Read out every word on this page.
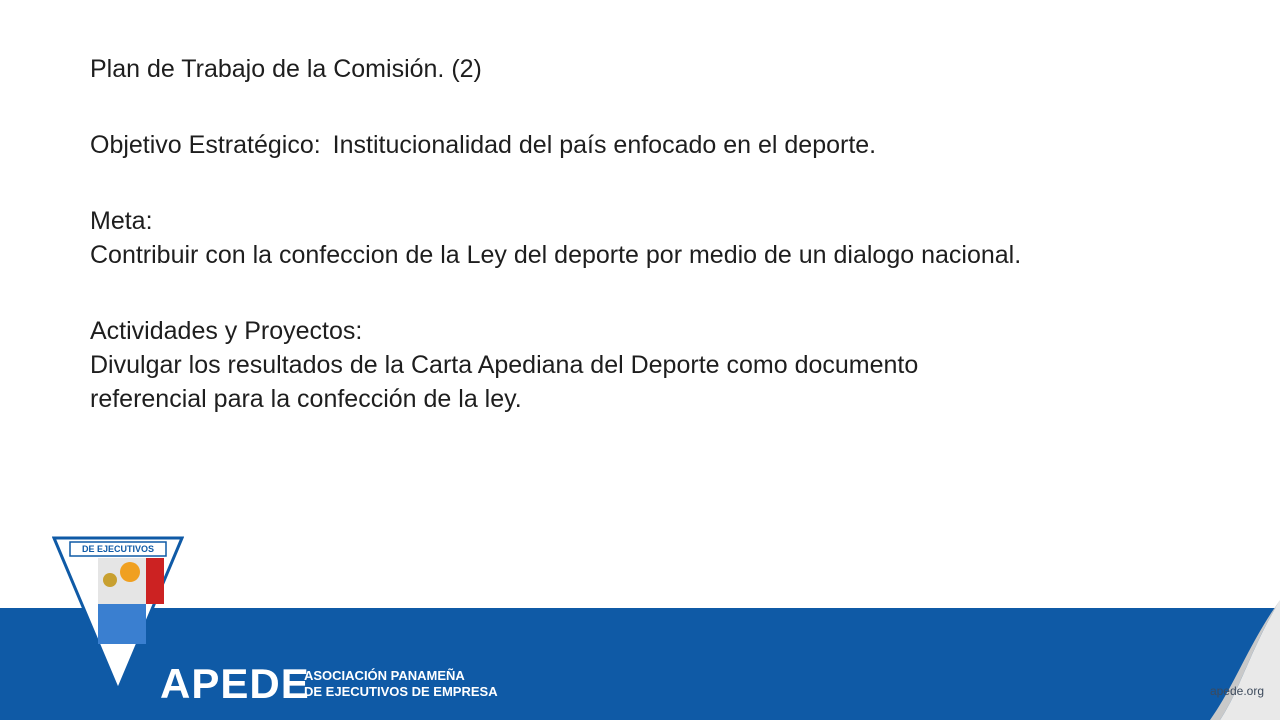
Plan de Trabajo de la Comisión. (2)

Objetivo Estratégico: Institucionalidad del país enfocado en el deporte.

Meta:

Contribuir con la confeccion de la Ley del deporte por medio de un dialogo nacional.

Actividades y Proyectos:

Divulgar los resultados de la Carta Apediana del Deporte como documento

referencial para la confección de la ley.

DE EJECUTIVOS
APEDE
ASOCIACIÓN PANAMEÑA
DE EJECUTIVOS DE EMPRESA	apede.org
